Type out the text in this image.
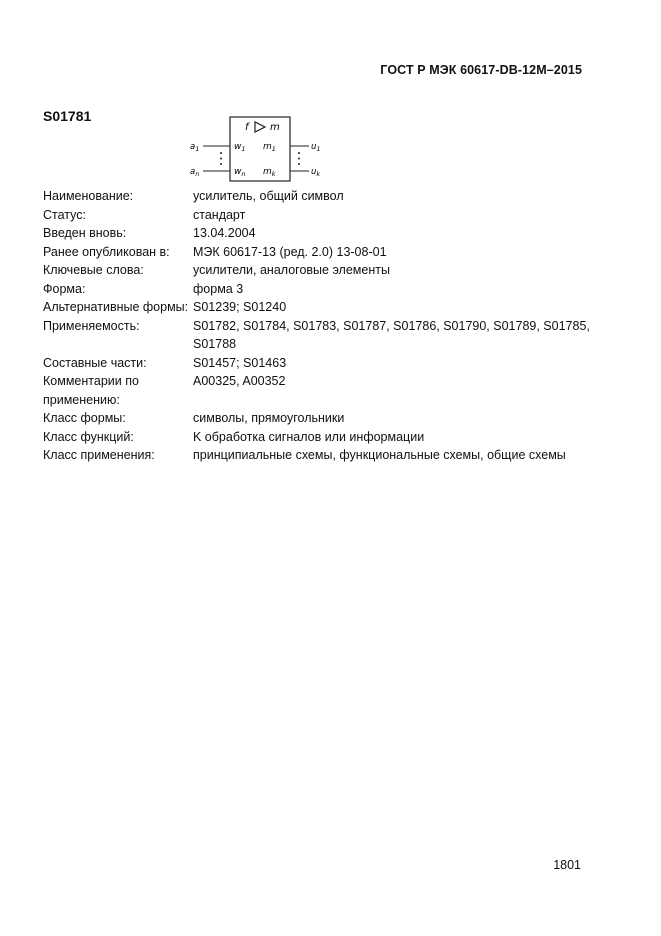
ГОСТ Р МЭК 60617-DB-12M–2015
S01781
f m
$a_1$
$a_n$
$w_1$
$w_n$
$m_1$
$m_k$
$u_1$
$u_k$
Наименование:	усилитель, общий символ
Статус:	стандарт
Введен вновь:	13.04.2004
Ранее опубликован в:	МЭК 60617-13 (ред. 2.0) 13-08-01
Ключевые слова:	усилители, аналоговые элементы
Форма:	форма 3
Альтернативные формы:	S01239; S01240
Применяемость:	S01782, S01784, S01783, S01787, S01786, S01790, S01789, S01785, S01788
Составные части:	S01457; S01463
Комментарии по применению:	A00325, A00352
Класс формы:	символы, прямоугольники
Класс функций:	K обработка сигналов или информации
Класс применения:	принципиальные схемы, функциональные схемы, общие схемы
1801
